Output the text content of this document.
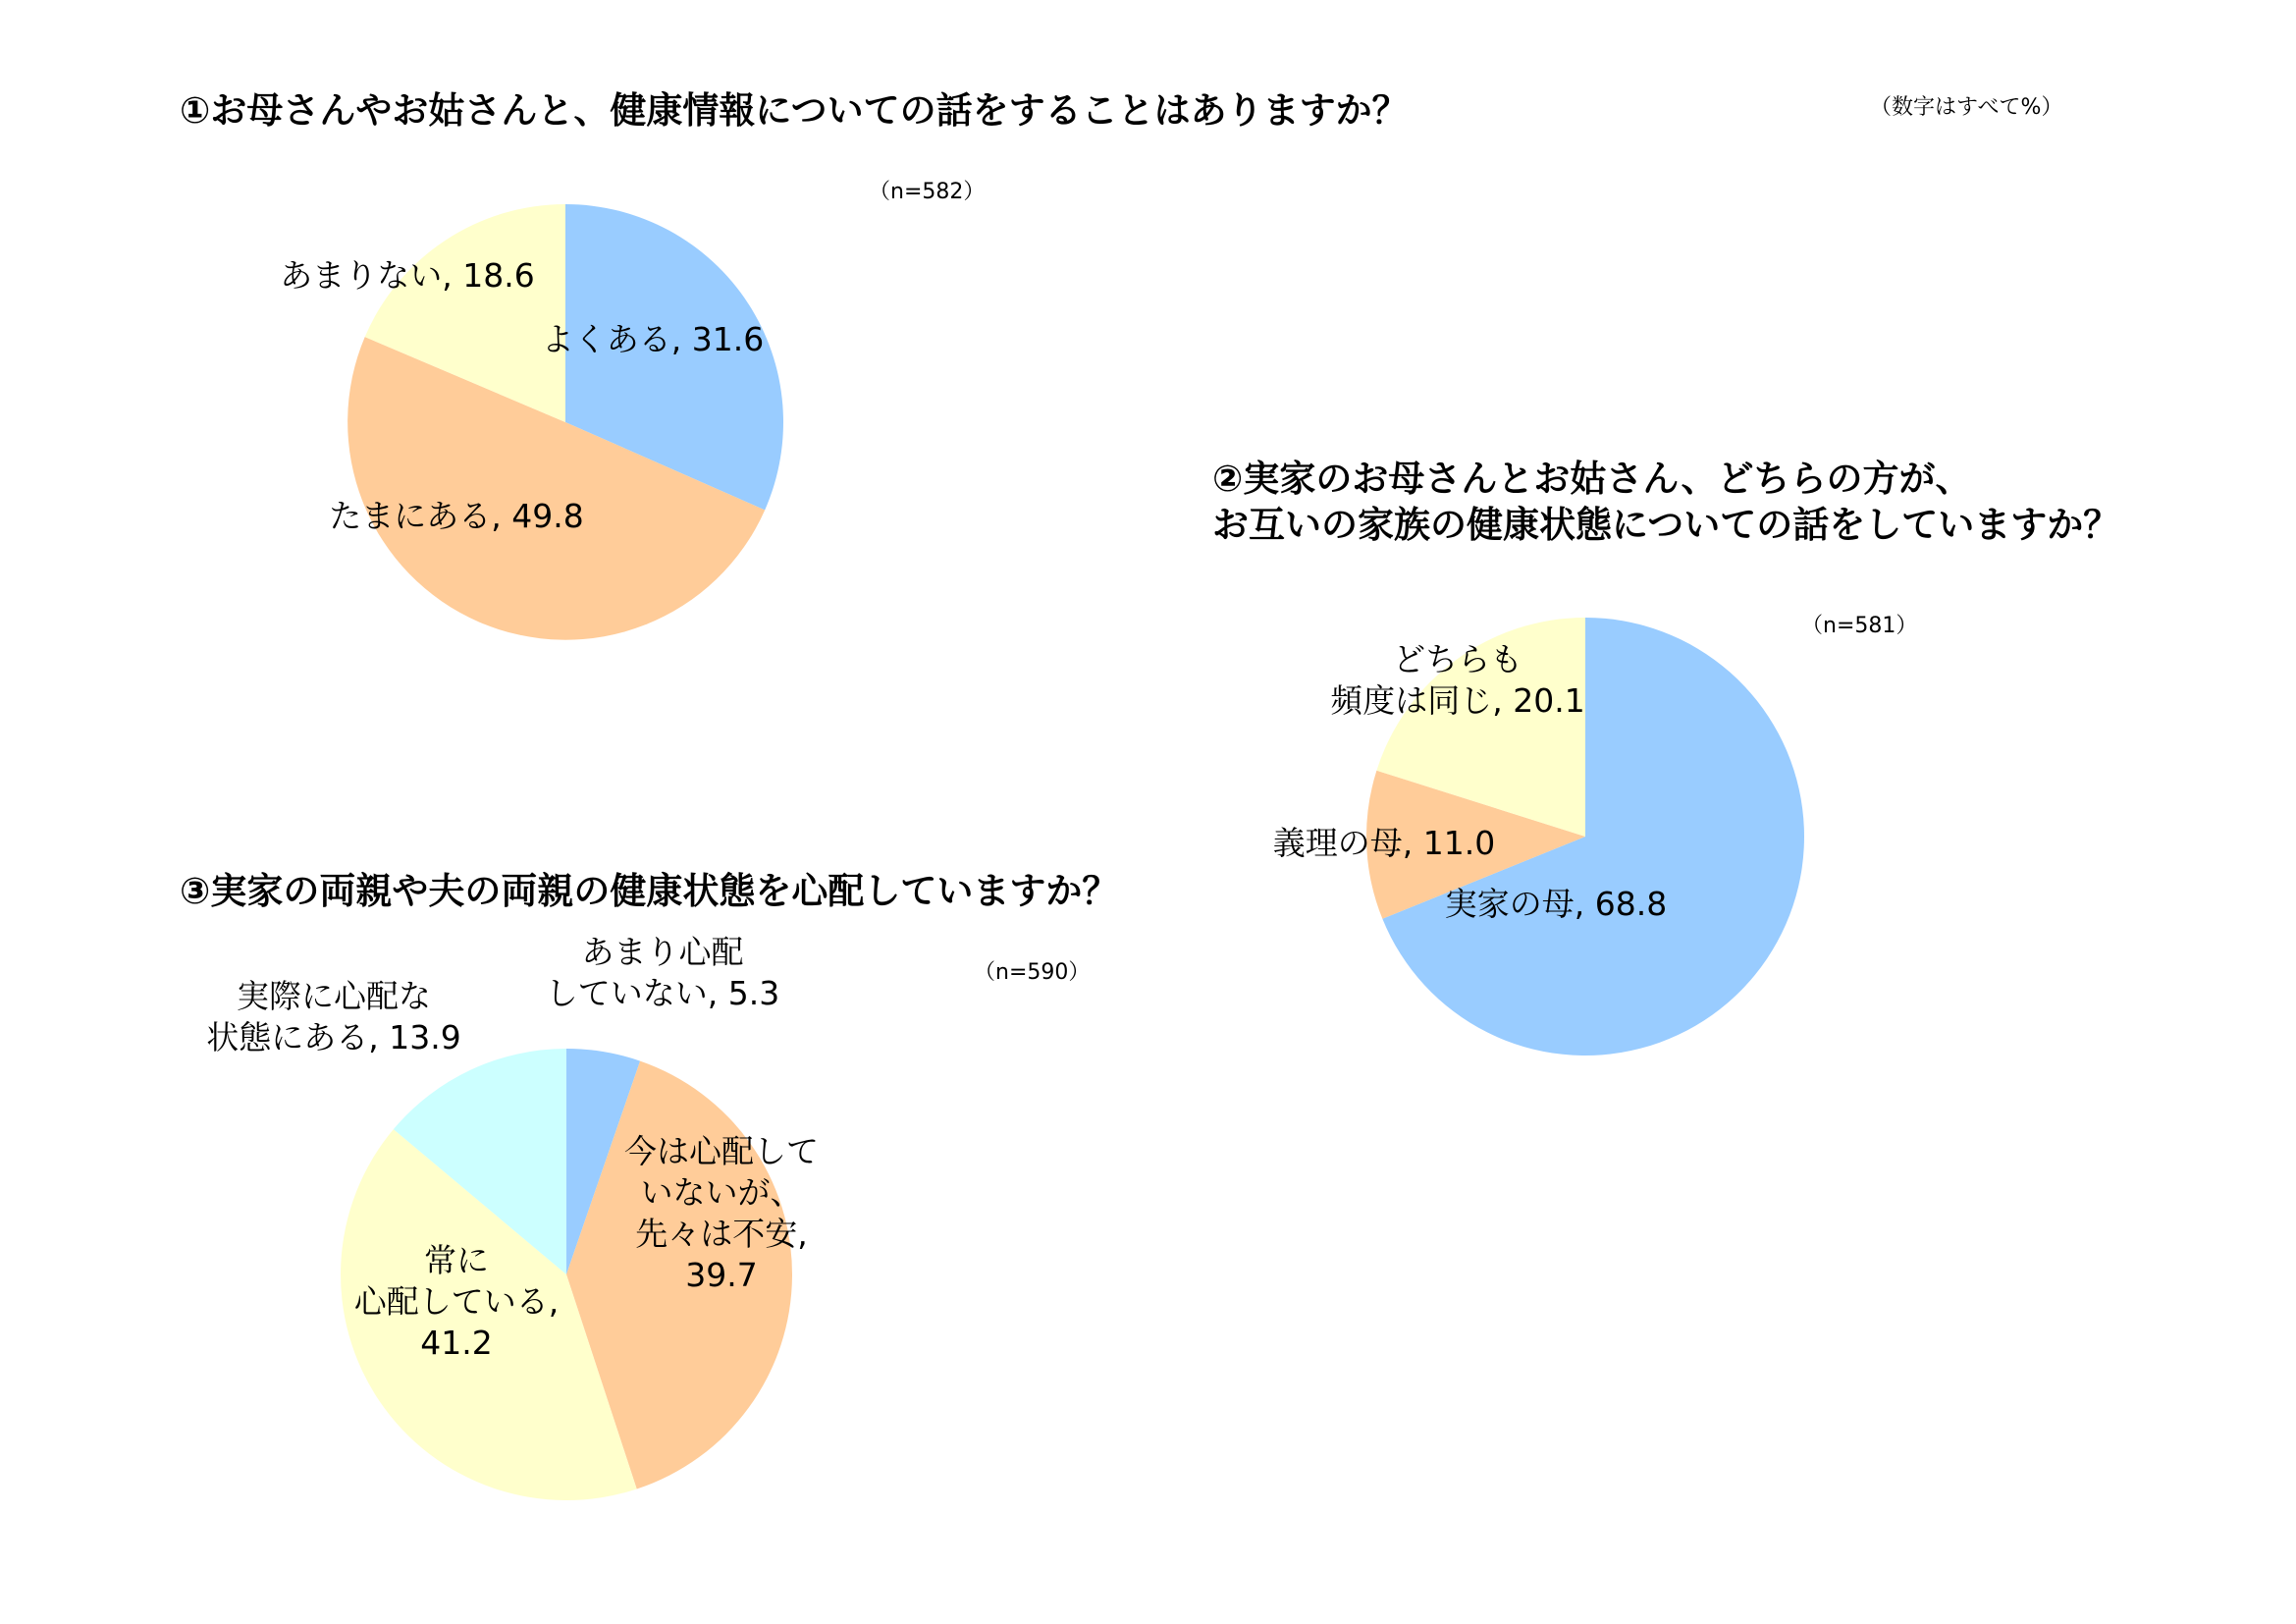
①お母さんやお姑さんと、健康情報についての話をすることはありますか？	（数字はすべて%）
（n=582）
②実家のお母さんとお姑さん、どちらの方が、
お互いの家族の健康状態についての話をしていますか？
（n=581）
③実家の両親や夫の両親の健康状態を心配していますか？
（n=590）
よくある, 31.6
たまにある, 49.8
あまりない, 18.6
実家の母, 68.8
義理の母, 11.0
どちらも頻度は同じ, 20.1
あまり心配していない, 5.3
今は心配していないが、先々は不安, 39.7
常に心配している, 41.2
実際に心配な状態にある, 13.9
